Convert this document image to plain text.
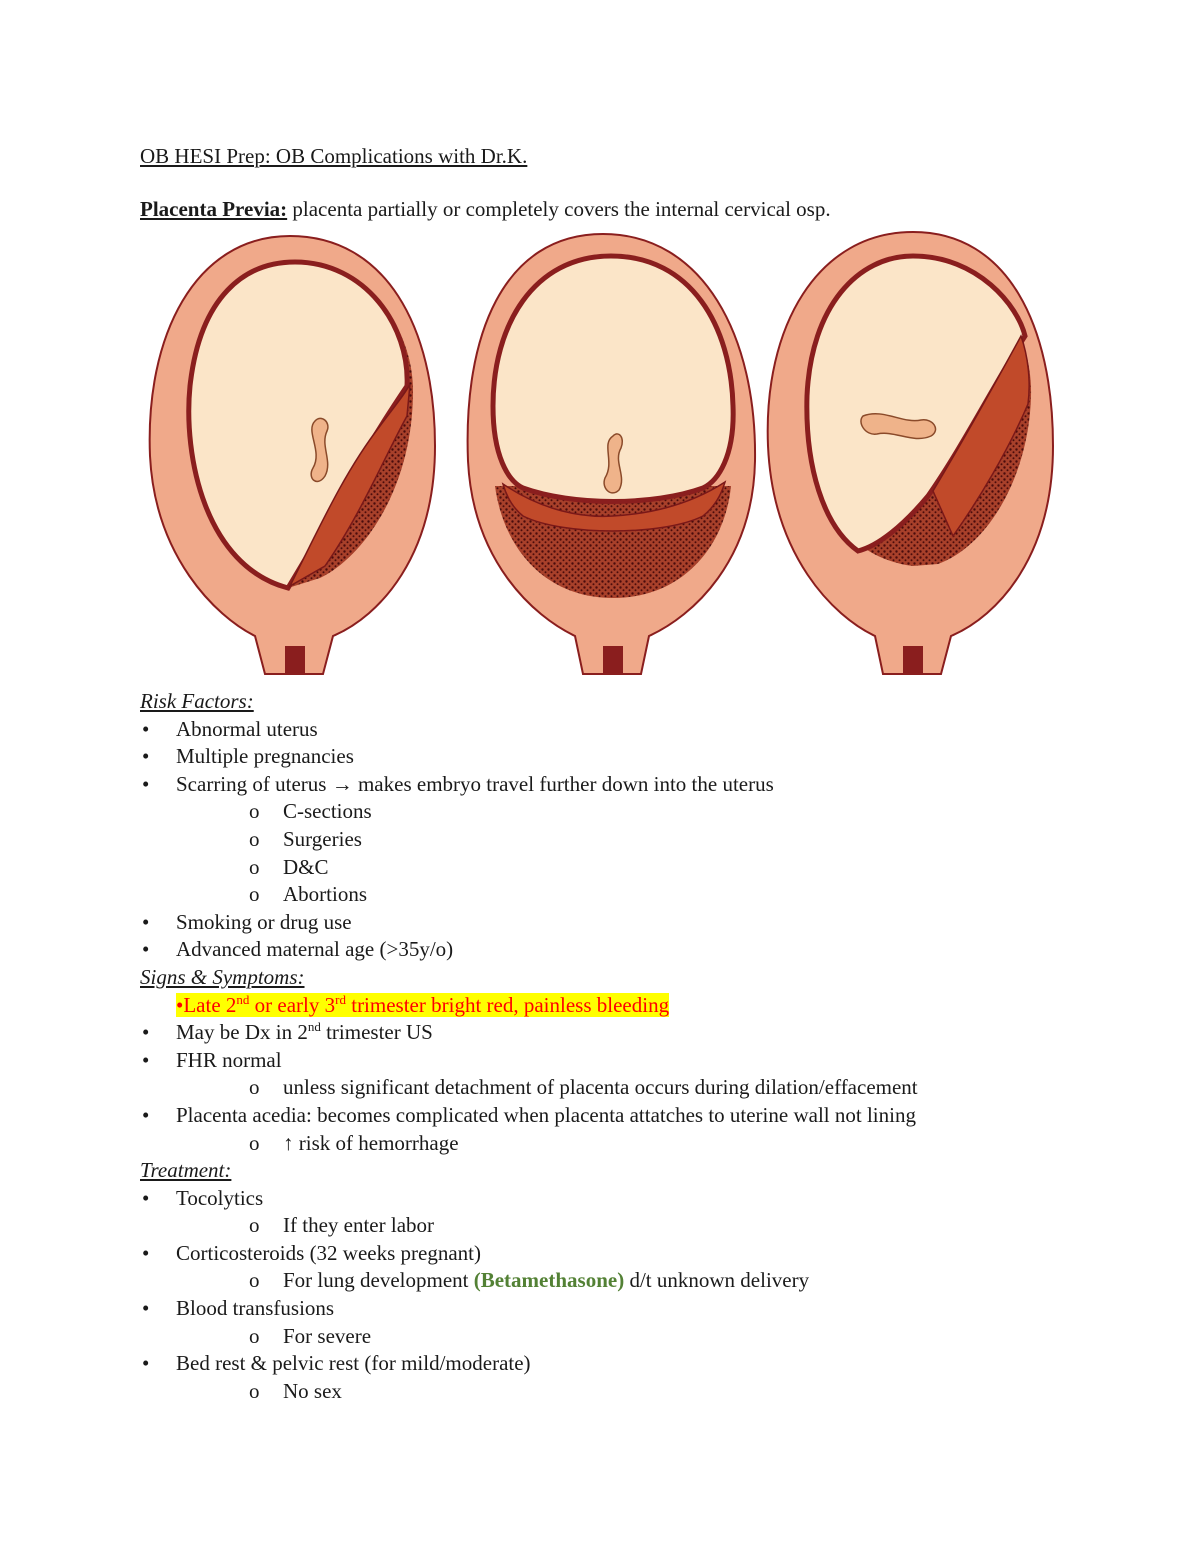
OB HESI Prep: OB Complications with Dr.K.
Placenta Previa: placenta partially or completely covers the internal cervical osp.
Risk Factors:
• Abnormal uterus
• Multiple pregnancies
• Scarring of uterus → makes embryo travel further down into the uterus
o C-sections
o Surgeries
o D&C
o Abortions
• Smoking or drug use
• Advanced maternal age (>35y/o)
Signs & Symptoms:
•Late 2nd or early 3rd trimester bright red, painless bleeding
• May be Dx in 2nd trimester US
• FHR normal
o unless significant detachment of placenta occurs during dilation/effacement
• Placenta acedia: becomes complicated when placenta attatches to uterine wall not lining
o ↑ risk of hemorrhage
Treatment:
• Tocolytics
o If they enter labor
• Corticosteroids (32 weeks pregnant)
o For lung development (Betamethasone) d/t unknown delivery
• Blood transfusions
o For severe
• Bed rest & pelvic rest (for mild/moderate)
o No sex
